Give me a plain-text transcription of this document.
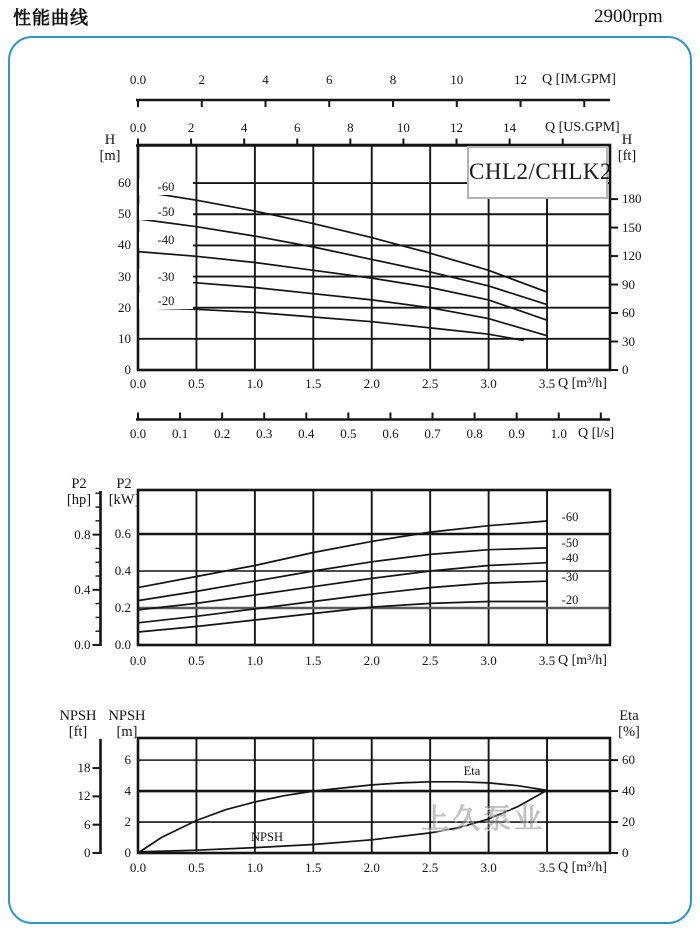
性能曲线	2900rpm
上久泵业
0.0	0.5	1.0	1.5	2.0	2.5	3.0	3.5 Q [m³/h]
0
10
20
30
40
50
60
0
30
60
90
120
150
180
-60
-50
-40
-30
-20
0.0	2	4	6	8	10	12	Q [IM.GPM]
0.0	2	4	6	8	10	12	14	Q [US.GPM]
0.0	0.1	0.2	0.3	0.4	0.5	0.6	0.7	0.8	0.9	1.0 Q [l/s]
0.0	0.5	1.0	1.5	2.0	2.5	3.0	3.5 Q [m³/h]
0.0
0.2
0.4
0.6
-60
-50
-40
-30
-20
0.0
0.4
0.8
0.0	0.5	1.0	1.5	2.0	2.5	3.0	3.5 Q [m³/h]
0
2
4
6
0
20
40
60
Eta
NPSH
0
6
12
18
H
[m]
H
[ft]
P2
[hp]
P2
[kW]
NPSH
[ft]
NPSH
[m]
Eta
[%]
CHL2/CHLK2
